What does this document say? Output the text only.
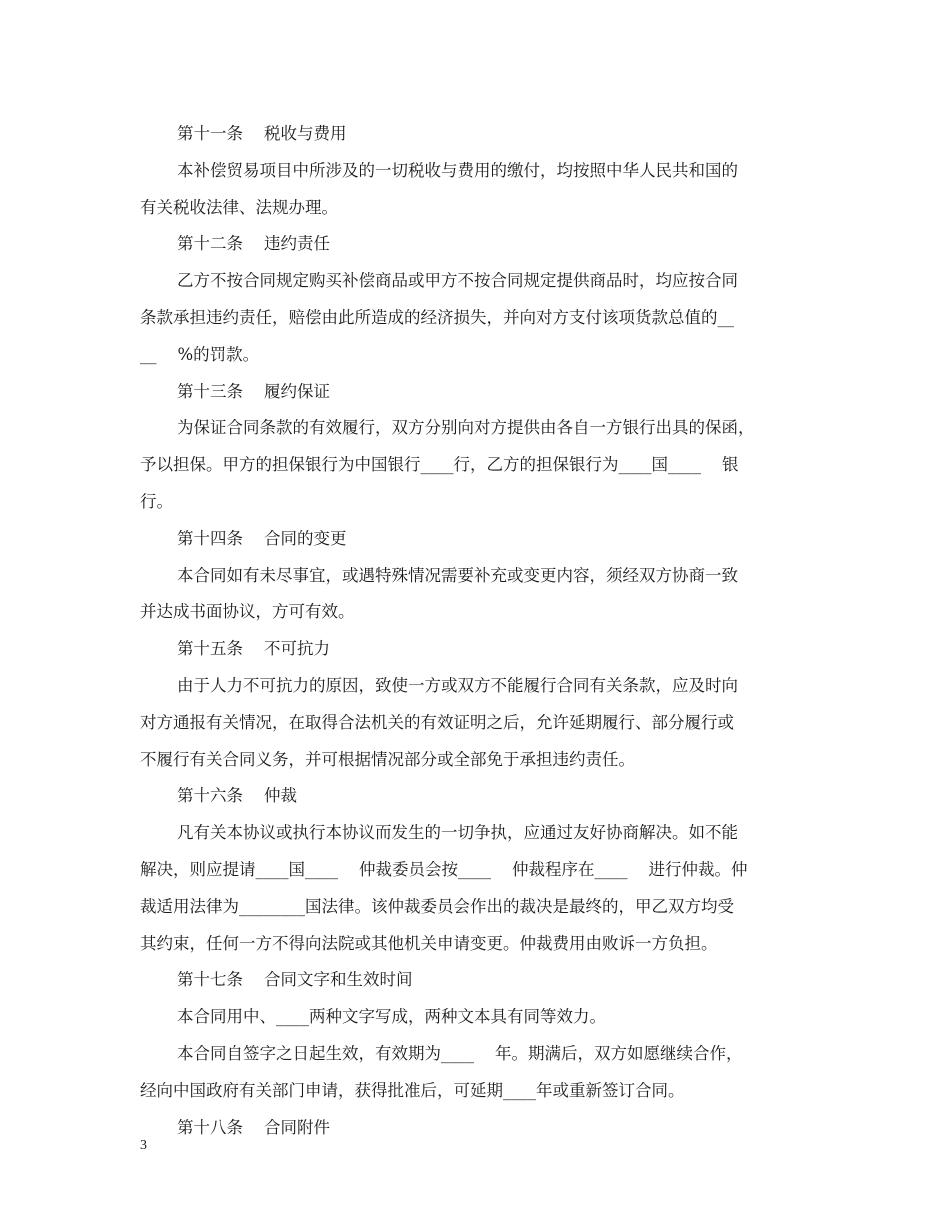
第十一条    税收与费用
本补偿贸易项目中所涉及的一切税收与费用的缴付，均按照中华人民共和国的
有关税收法律、法规办理。
第十二条    违约责任
乙方不按合同规定购买补偿商品或甲方不按合同规定提供商品时，均应按合同
条款承担违约责任，赔偿由此所造成的经济损失，并向对方支付该项货款总值的__
__    %的罚款。
第十三条    履约保证
为保证合同条款的有效履行，双方分别向对方提供由各自一方银行出具的保函，
予以担保。甲方的担保银行为中国银行____行，乙方的担保银行为____国____    银
行。
第十四条    合同的变更
本合同如有未尽事宜，或遇特殊情况需要补充或变更内容，须经双方协商一致
并达成书面协议，方可有效。
第十五条    不可抗力
由于人力不可抗力的原因，致使一方或双方不能履行合同有关条款，应及时向
对方通报有关情况，在取得合法机关的有效证明之后，允许延期履行、部分履行或
不履行有关合同义务，并可根据情况部分或全部免于承担违约责任。
第十六条    仲裁
凡有关本协议或执行本协议而发生的一切争执，应通过友好协商解决。如不能
解决，则应提请____国____    仲裁委员会按____    仲裁程序在____    进行仲裁。仲
裁适用法律为________国法律。该仲裁委员会作出的裁决是最终的，甲乙双方均受
其约束，任何一方不得向法院或其他机关申请变更。仲裁费用由败诉一方负担。
第十七条    合同文字和生效时间
本合同用中、____两种文字写成，两种文本具有同等效力。
本合同自签字之日起生效，有效期为____    年。期满后，双方如愿继续合作，
经向中国政府有关部门申请，获得批准后，可延期____年或重新签订合同。
第十八条    合同附件
3
